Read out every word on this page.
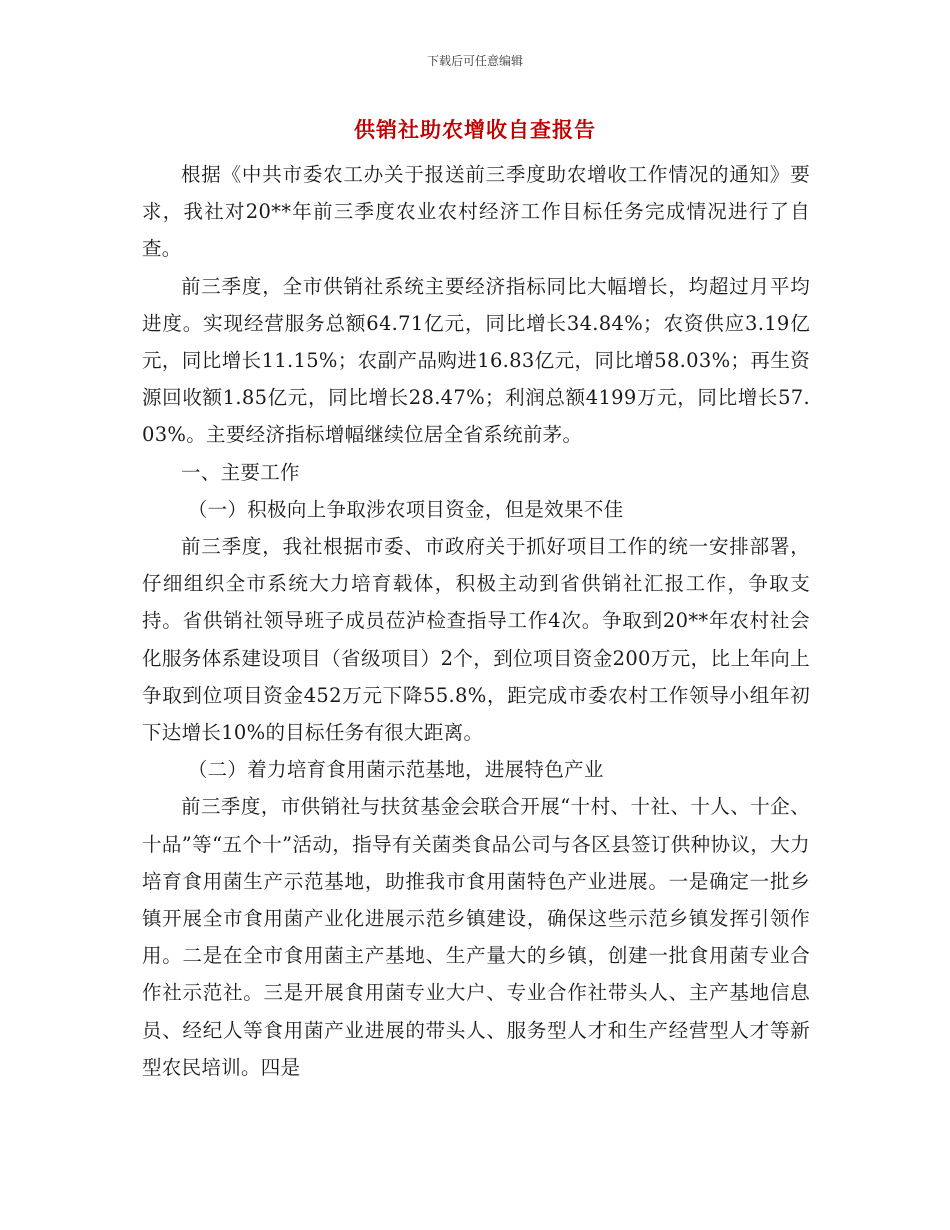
下载后可任意编辑
供销社助农增收自查报告

根据《中共市委农工办关于报送前三季度助农增收工作情况的通知》要求，我社对20**年前三季度农业农村经济工作目标任务完成情况进行了自查。

前三季度，全市供销社系统主要经济指标同比大幅增长，均超过月平均进度。实现经营服务总额64.71亿元，同比增长34.84%；农资供应3.19亿元，同比增长11.15%；农副产品购进16.83亿元，同比增58.03%；再生资源回收额1.85亿元，同比增长28.47%；利润总额4199万元，同比增长57.03%。主要经济指标增幅继续位居全省系统前茅。

一、主要工作

（一）积极向上争取涉农项目资金，但是效果不佳

前三季度，我社根据市委、市政府关于抓好项目工作的统一安排部署，仔细组织全市系统大力培育载体，积极主动到省供销社汇报工作，争取支持。省供销社领导班子成员莅泸检查指导工作4次。争取到20**年农村社会化服务体系建设项目（省级项目）2个，到位项目资金200万元，比上年向上争取到位项目资金452万元下降55.8%，距完成市委农村工作领导小组年初下达增长10%的目标任务有很大距离。

（二）着力培育食用菌示范基地，进展特色产业

前三季度，市供销社与扶贫基金会联合开展“十村、十社、十人、十企、十品”等“五个十”活动，指导有关菌类食品公司与各区县签订供种协议，大力培育食用菌生产示范基地，助推我市食用菌特色产业进展。一是确定一批乡镇开展全市食用菌产业化进展示范乡镇建设，确保这些示范乡镇发挥引领作用。二是在全市食用菌主产基地、生产量大的乡镇，创建一批食用菌专业合作社示范社。三是开展食用菌专业大户、专业合作社带头人、主产基地信息员、经纪人等食用菌产业进展的带头人、服务型人才和生产经营型人才等新型农民培训。四是
